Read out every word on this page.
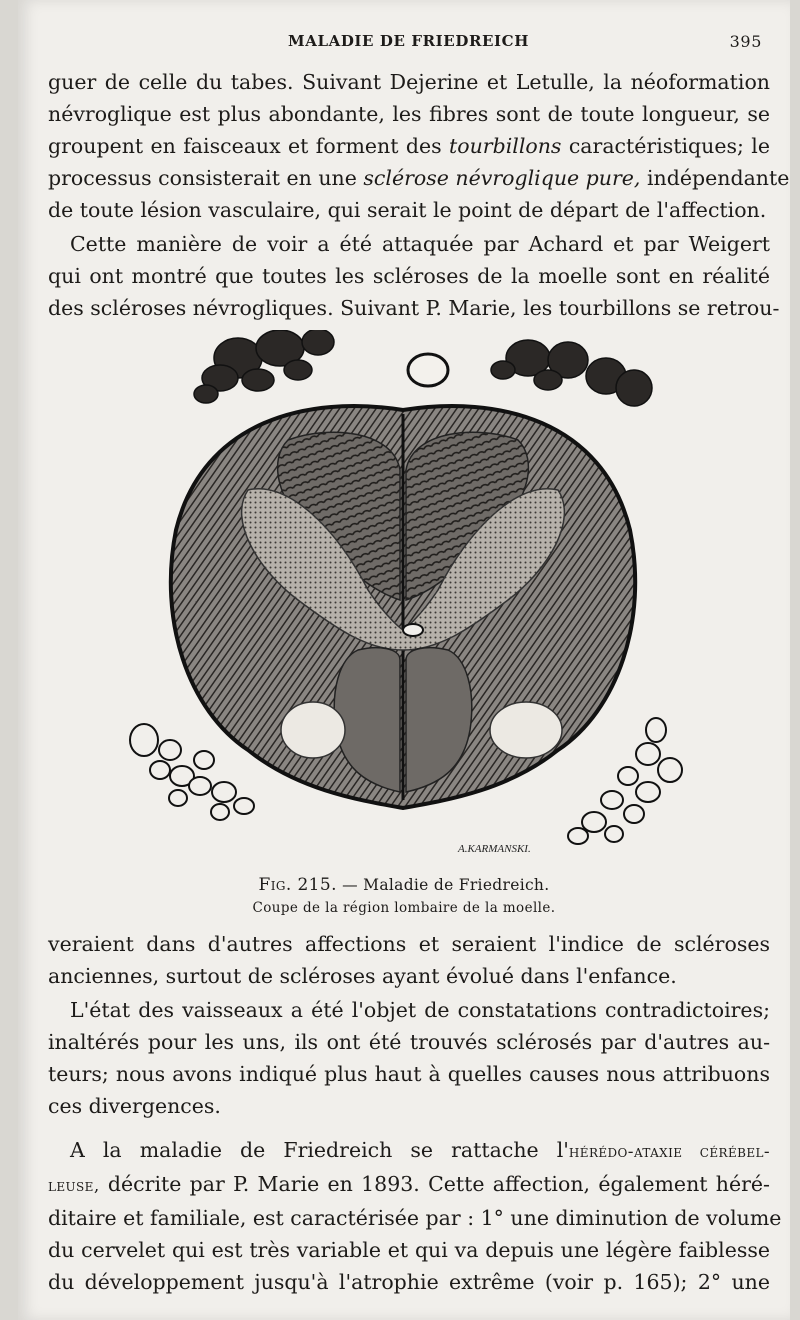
MALADIE DE FRIEDREICH	395

guer de celle du tabes. Suivant Dejerine et Letulle, la néoformation
névroglique est plus abondante, les fibres sont de toute longueur, se
groupent en faisceaux et forment des tourbillons caractéristiques; le
processus consisterait en une sclérose névroglique pure, indépendante
de toute lésion vasculaire, qui serait le point de départ de l'affection.

Cette manière de voir a été attaquée par Achard et par Weigert
qui ont montré que toutes les scléroses de la moelle sont en réalité
des scléroses névrogliques. Suivant P. Marie, les tourbillons se retrou-

A.KARMANSKI.
Fig. 215. — Maladie de Friedreich.
Coupe de la région lombaire de la moelle.

veraient dans d'autres affections et seraient l'indice de scléroses
anciennes, surtout de scléroses ayant évolué dans l'enfance.

L'état des vaisseaux a été l'objet de constatations contradictoires;
inaltérés pour les uns, ils ont été trouvés sclérosés par d'autres au-
teurs; nous avons indiqué plus haut à quelles causes nous attribuons
ces divergences.

A la maladie de Friedreich se rattache l'hérédo-ataxie cérébel-
leuse, décrite par P. Marie en 1893. Cette affection, également héré-
ditaire et familiale, est caractérisée par : 1° une diminution de volume
du cervelet qui est très variable et qui va depuis une légère faiblesse
du développement jusqu'à l'atrophie extrême (voir p. 165); 2° une
